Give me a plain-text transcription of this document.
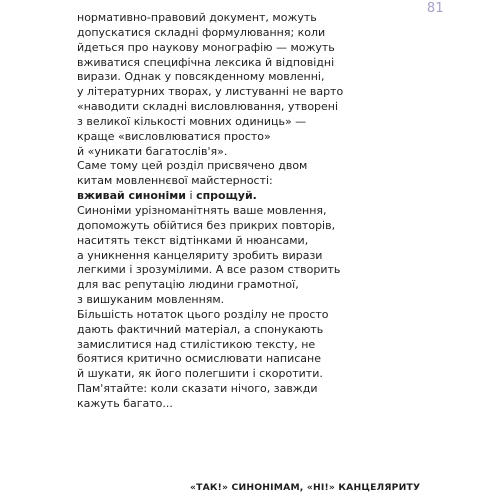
81
нормативно-правовий документ, можуть
допускатися складні формулювання; коли
йдеться про наукову монографію — можуть
вживатися специфічна лексика й відповідні
вирази. Однак у повсякденному мовленні,
у літературних творах, у листуванні не варто
«наводити складні висловлювання, утворені
з великої кількості мовних одиниць» —
краще «висловлюватися просто»
й «уникати багатослів'я».
Саме тому цей розділ присвячено двом
китам мовленнєвої майстерності:
вживай синоніми і спрощуй.
Синоніми урізноманітнять ваше мовлення,
допоможуть обійтися без прикрих повторів,
наситять текст відтінками й нюансами,
а уникнення канцеляриту зробить вирази
легкими і зрозумілими. А все разом створить
для вас репутацію людини грамотної,
з вишуканим мовленням.
Більшість нотаток цього розділу не просто
дають фактичний матеріал, а спонукають
замислитися над стилістикою тексту, не
боятися критично осмислювати написане
й шукати, як його полегшити і скоротити.
Пам'ятайте: коли сказати нічого, завжди
кажуть багато...
«ТАК!» СИНОНІМАМ, «НІ!» КАНЦЕЛЯРИТУ
